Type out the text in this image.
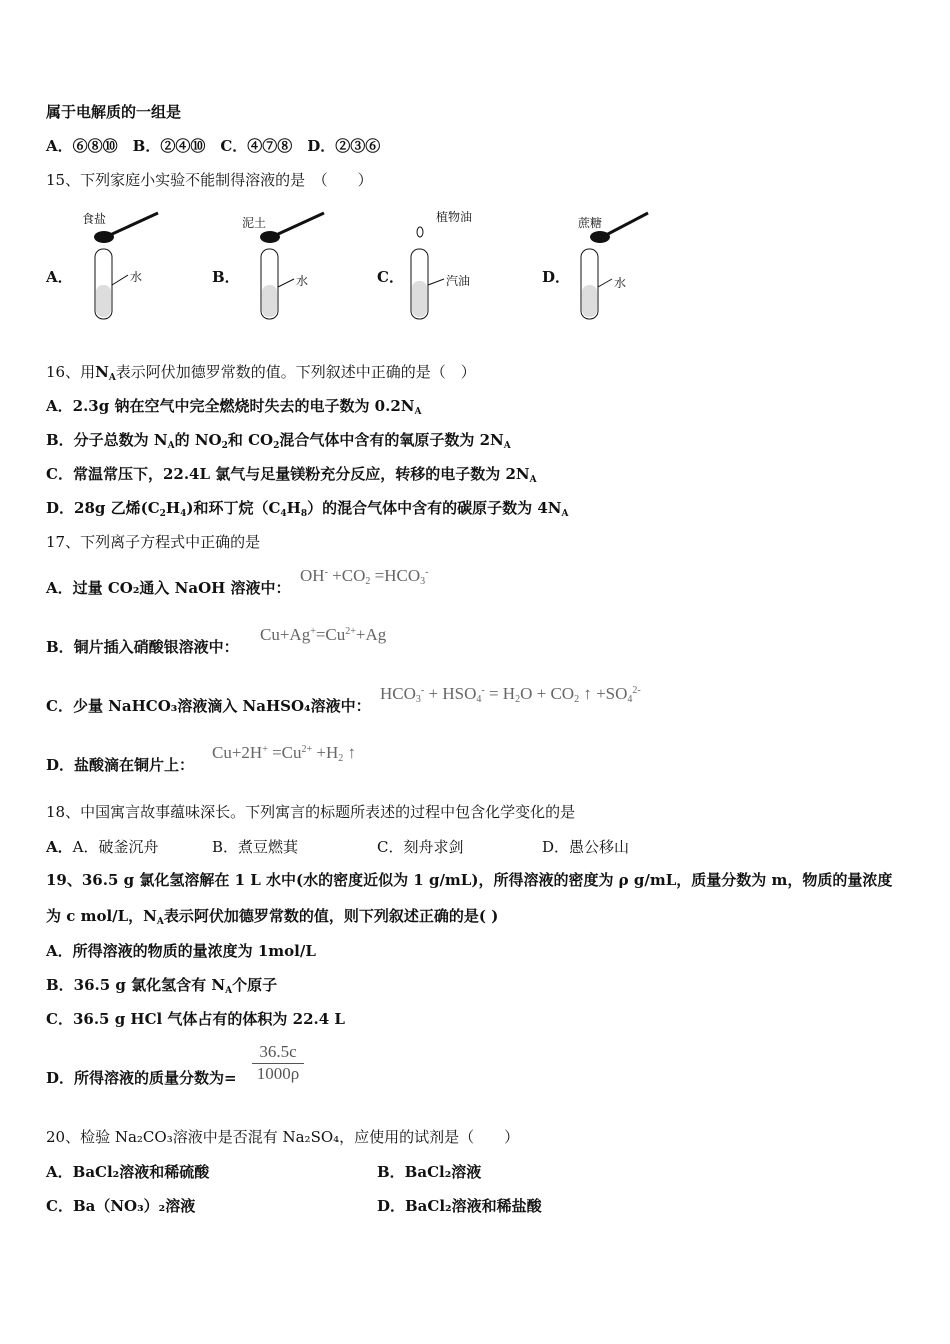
属于电解质的一组是
A．⑥⑧⑩　B．②④⑩　C．④⑦⑧　D．②③⑥
15、下列家庭小实验不能制得溶液的是　（　　）
A．
食盐
水	B．
泥土
水	C．
植物油
汽油	D．
蔗糖
水
16、用$N_A$表示阿伏加德罗常数的值。下列叙述中正确的是（　）
A．2.3g 钠在空气中完全燃烧时失去的电子数为 $0.2N_A$
B．分子总数为 $N_A$的 $NO_2$和 $CO_2$混合气体中含有的氧原子数为 $2N_A$
C．常温常压下，22.4L 氯气与足量镁粉充分反应，转移的电子数为 $2N_A$
D．28g 乙烯$(C_2H_4)$和环丁烷$(C_4H_8)$的混合气体中含有的碳原子数为 $4N_A$
17、下列离子方程式中正确的是
A．过量 CO₂通入 NaOH 溶液中：
$OH^- +CO_2 =HCO_3^-$
B．铜片插入硝酸银溶液中：
$Cu+Ag^+=Cu^{2+}+Ag$
C．少量 NaHCO₃溶液滴入 NaHSO₄溶液中：
$HCO_3^- + HSO_4^- = H_2O + CO_2$ ↑ $+SO_4^{2-}$
D．盐酸滴在铜片上：
$Cu+2H^+ =Cu^{2+} +H_2$ ↑
18、中国寓言故事蕴味深长。下列寓言的标题所表述的过程中包含化学变化的是
A．A．破釜沉舟	B．煮豆燃萁	C．刻舟求剑	D．愚公移山
19、36.5 g 氯化氢溶解在 1 L 水中(水的密度近似为 1 g/mL)，所得溶液的密度为 ρ g/mL，质量分数为 m，物质的量浓度
为 c mol/L，$N_A$表示阿伏加德罗常数的值，则下列叙述正确的是( )
A．所得溶液的物质的量浓度为 1mol/L
B．36.5 g 氯化氢含有 $N_A$个原子
C．36.5 g HCl 气体占有的体积为 22.4 L
D．所得溶液的质量分数为= $\frac{36.5c}{1000\rho}$
20、检验 Na₂CO₃溶液中是否混有 Na₂SO₄，应使用的试剂是（　　）
A．BaCl₂溶液和稀硫酸	B．BaCl₂溶液
C．Ba（NO₃）₂溶液	D．BaCl₂溶液和稀盐酸
